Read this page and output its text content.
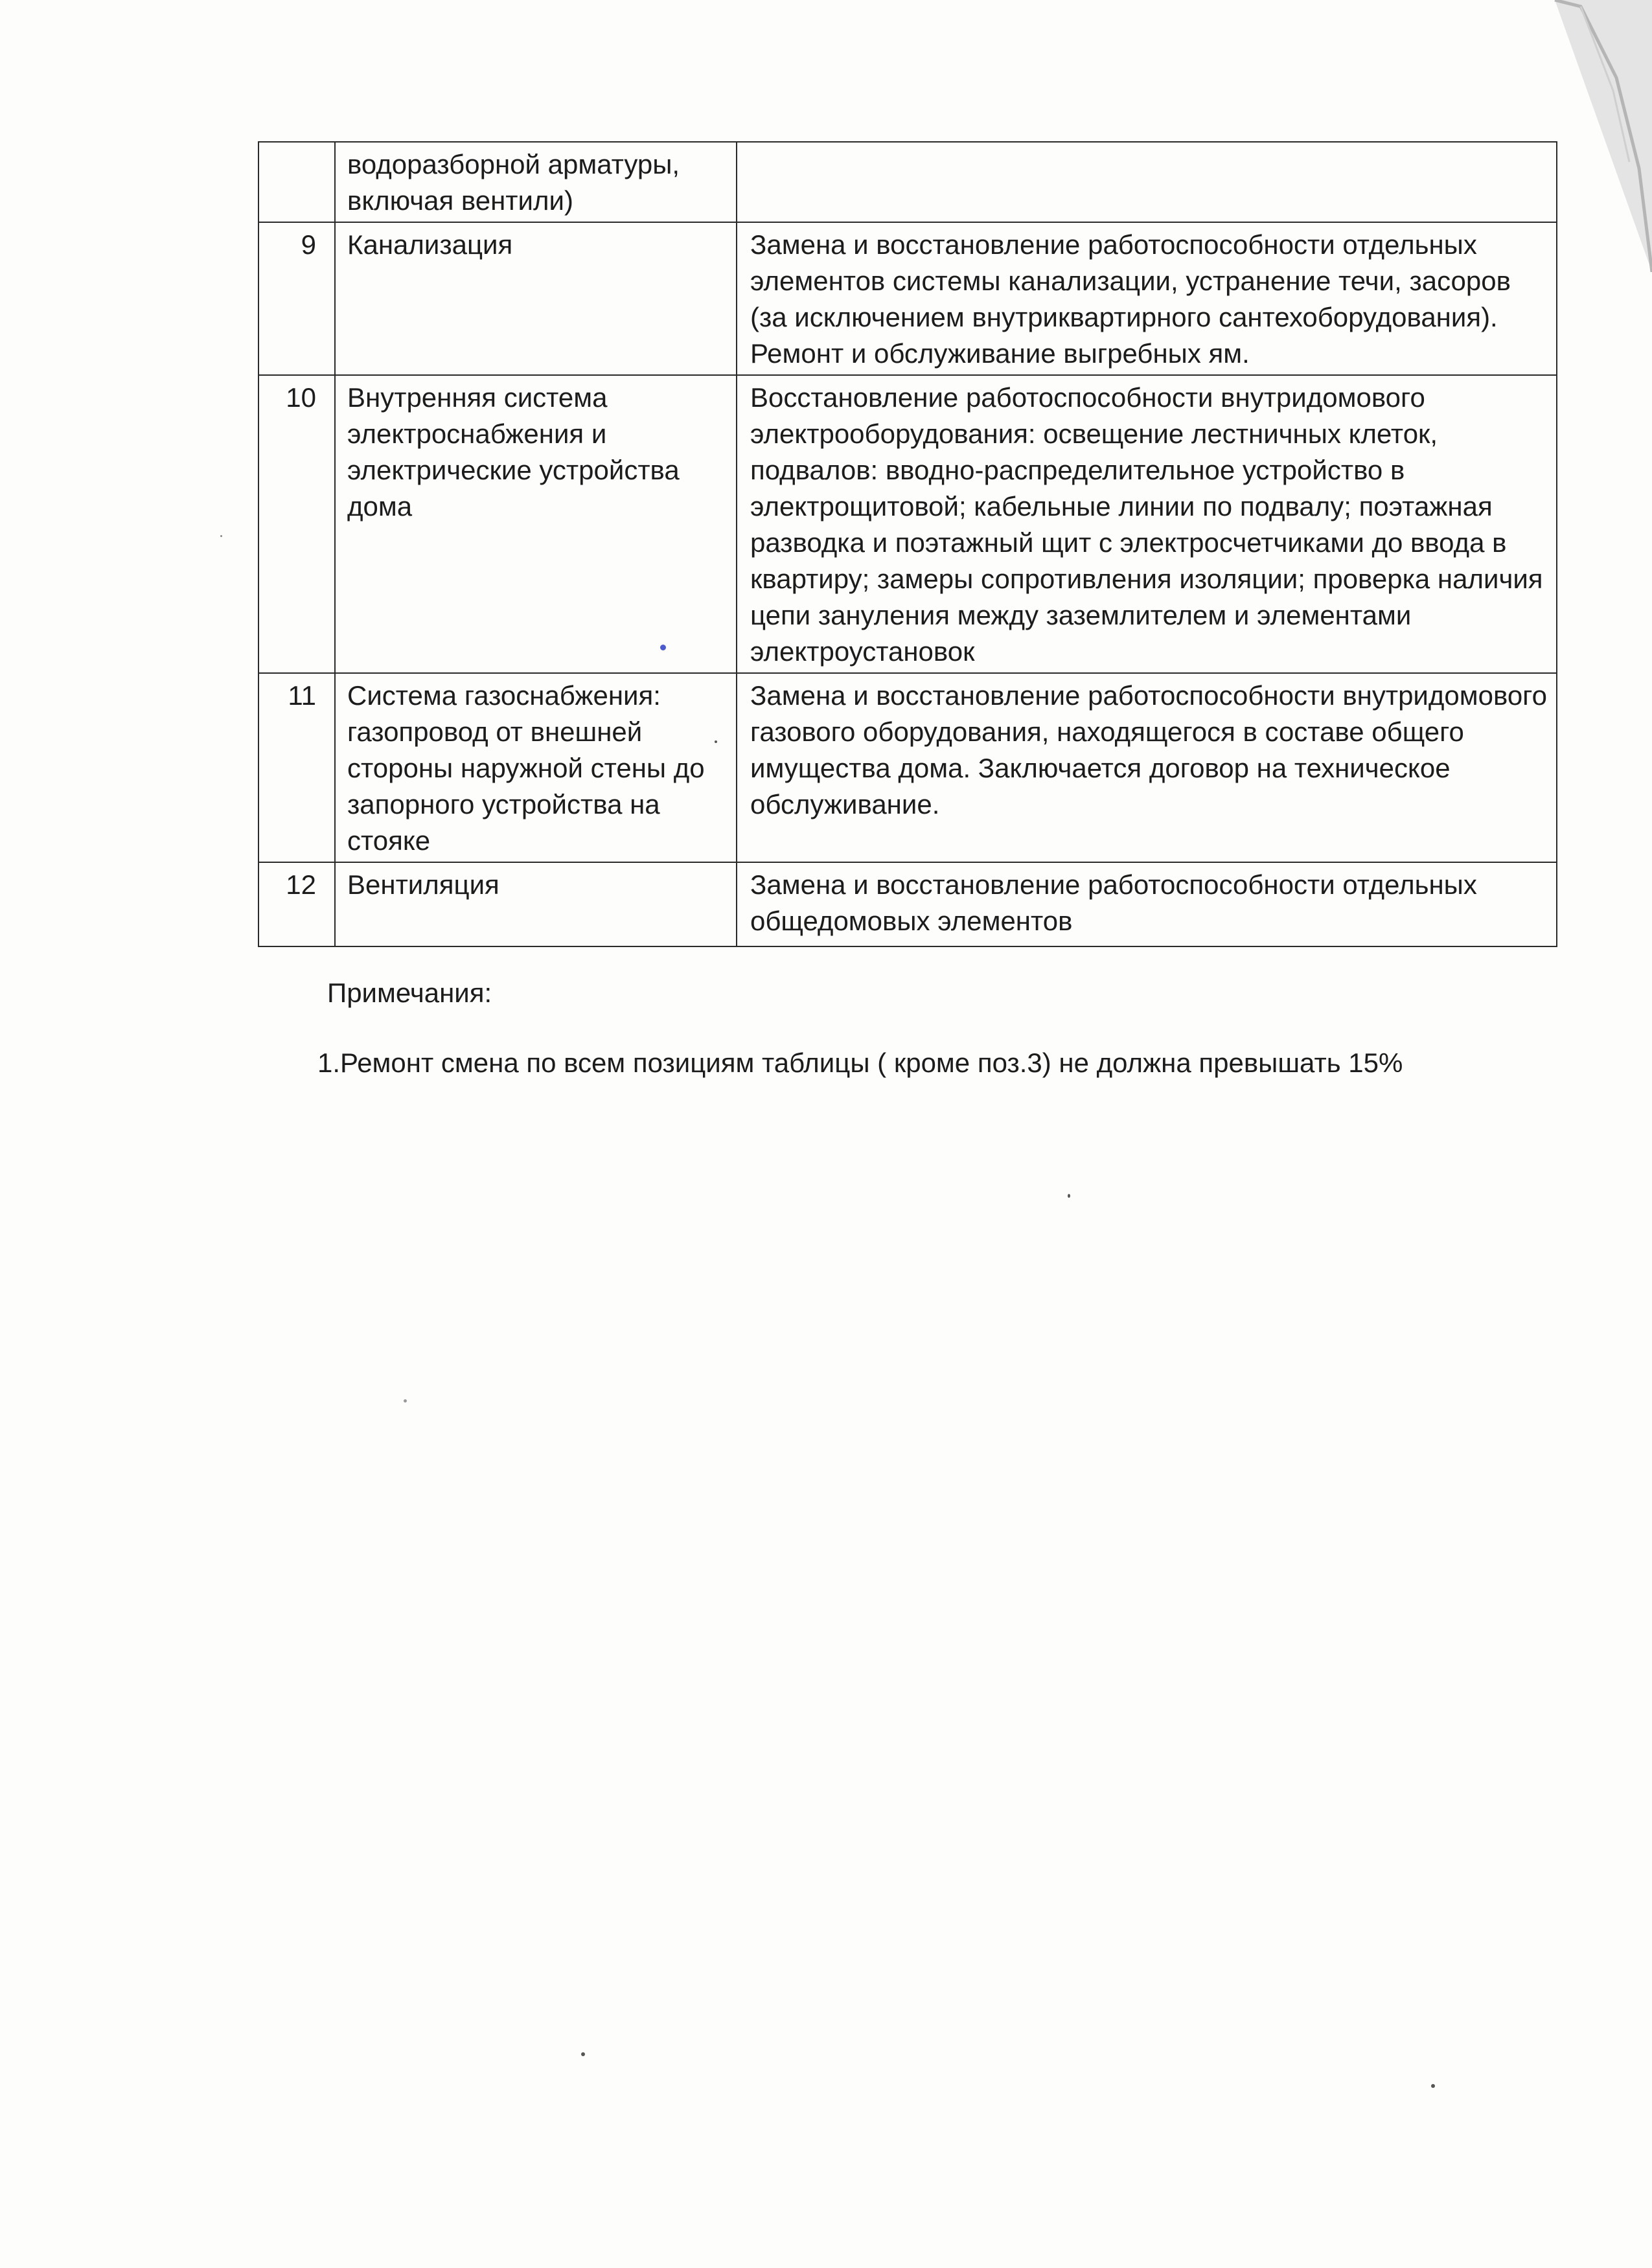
	водоразборной арматуры, включая вентили)	
9	Канализация	Замена и восстановление работоспособности отдельных элементов системы канализации, устранение течи, засоров (за исключением внутриквартирного сантехоборудования). Ремонт и обслуживание выгребных ям.
10	Внутренняя система электроснабжения и электрические устройства дома	Восстановление работоспособности внутридомового электрооборудования: освещение лестничных клеток, подвалов: вводно-распределительное устройство в электрощитовой; кабельные линии по подвалу; поэтажная разводка и поэтажный щит с электросчетчиками до ввода в квартиру; замеры сопротивления изоляции; проверка наличия цепи зануления между заземлителем и элементами электроустановок
11	Система газоснабжения: газопровод от внешней стороны наружной стены до запорного устройства на стояке	Замена и восстановление работоспособности внутридомового газового оборудования, находящегося в составе общего имущества дома. Заключается договор на техническое обслуживание.
12	Вентиляция	Замена и восстановление работоспособности отдельных общедомовых элементов

Примечания:

1.Ремонт смена по всем позициям таблицы ( кроме поз.3) не должна превышать 15%
